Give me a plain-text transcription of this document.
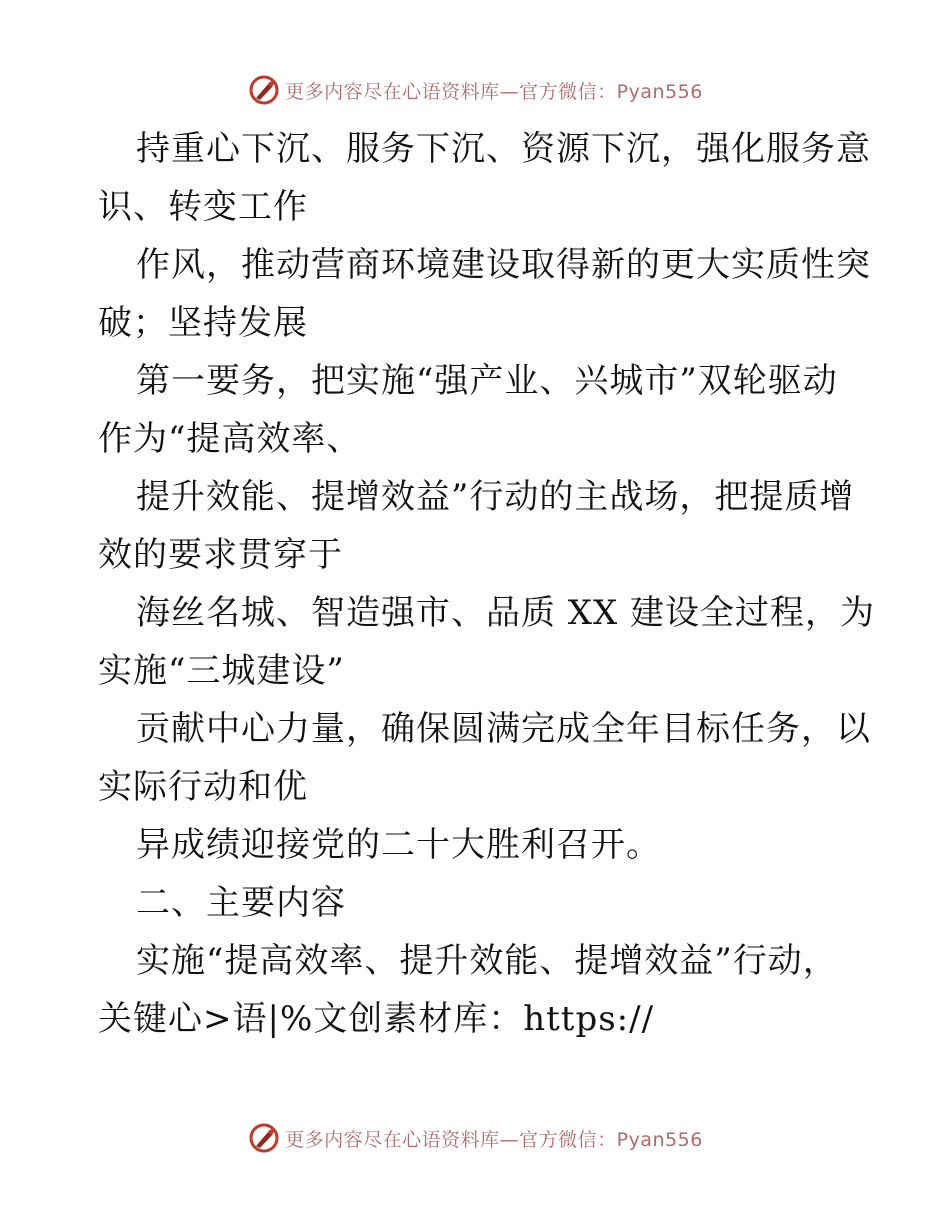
更多内容尽在心语资料库—官方微信：Pyan556
持重心下沉、服务下沉、资源下沉，强化服务意
识、转变工作
作风，推动营商环境建设取得新的更大实质性突
破；坚持发展
第一要务，把实施“强产业、兴城市”双轮驱动
作为“提高效率、
提升效能、提增效益”行动的主战场，把提质增
效的要求贯穿于
海丝名城、智造强市、品质 XX 建设全过程，为
实施“三城建设”
贡献中心力量，确保圆满完成全年目标任务，以
实际行动和优
异成绩迎接党的二十大胜利召开。
二、主要内容
实施“提高效率、提升效能、提增效益”行动，
关键心>语|%文创素材库：https://
更多内容尽在心语资料库—官方微信：Pyan556
